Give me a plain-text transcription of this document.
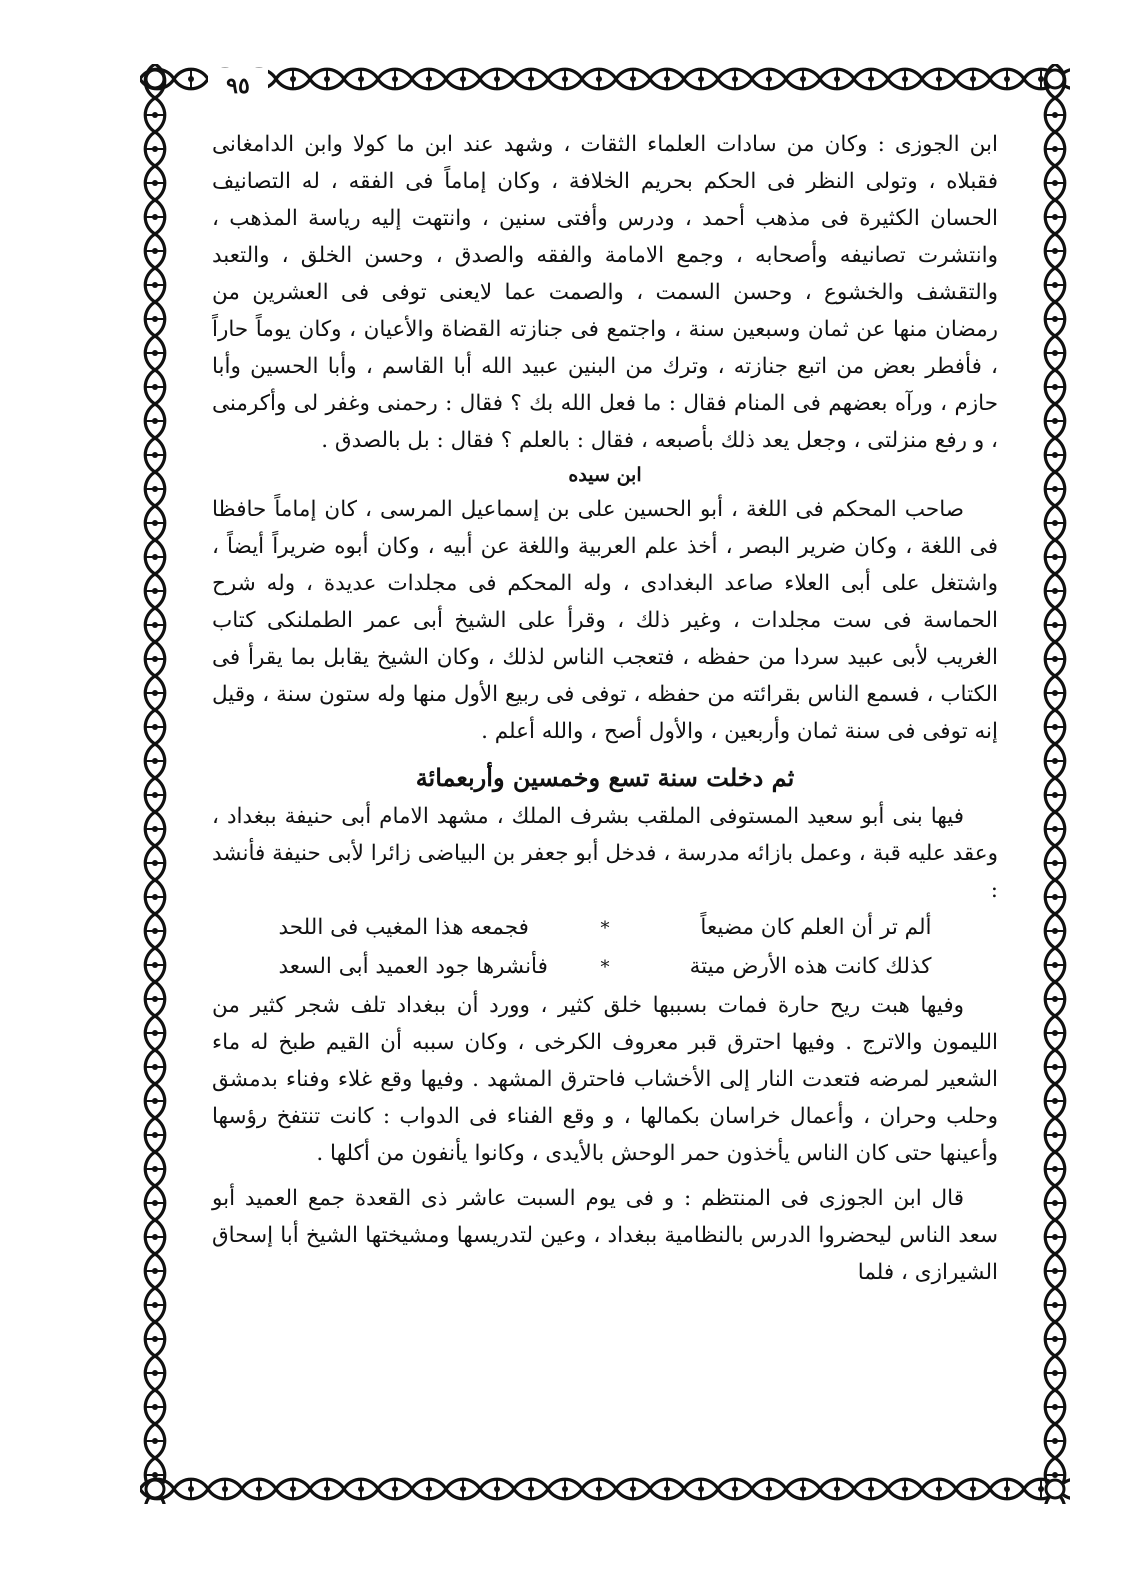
٩٥

ابن الجوزى : وكان من سادات العلماء الثقات ، وشهد عند ابن ما كولا وابن الدامغانى فقبلاه ، وتولى النظر فى الحكم بحريم الخلافة ، وكان إماماً فى الفقه ، له التصانيف الحسان الكثيرة فى مذهب أحمد ، ودرس وأفتى سنين ، وانتهت إليه رياسة المذهب ، وانتشرت تصانيفه وأصحابه ، وجمع الامامة والفقه والصدق ، وحسن الخلق ، والتعبد والتقشف والخشوع ، وحسن السمت ، والصمت عما لايعنى توفى فى العشرين من رمضان منها عن ثمان وسبعين سنة ، واجتمع فى جنازته القضاة والأعيان ، وكان يوماً حاراً ، فأفطر بعض من اتبع جنازته ، وترك من البنين عبيد الله أبا القاسم ، وأبا الحسين وأبا حازم ، ورآه بعضهم فى المنام فقال : ما فعل الله بك ؟ فقال : رحمنى وغفر لى وأكرمنى ، و رفع منزلتى ، وجعل يعد ذلك بأصبعه ، فقال : بالعلم ؟ فقال : بل بالصدق .

ابن سيده

صاحب المحكم فى اللغة ، أبو الحسين على بن إسماعيل المرسى ، كان إماماً حافظا فى اللغة ، وكان ضرير البصر ، أخذ علم العربية واللغة عن أبيه ، وكان أبوه ضريراً أيضاً ، واشتغل على أبى العلاء صاعد البغدادى ، وله المحكم فى مجلدات عديدة ، وله شرح الحماسة فى ست مجلدات ، وغير ذلك ، وقرأ على الشيخ أبى عمر الطملنكى كتاب الغريب لأبى عبيد سردا من حفظه ، فتعجب الناس لذلك ، وكان الشيخ يقابل بما يقرأ فى الكتاب ، فسمع الناس بقرائته من حفظه ، توفى فى ربيع الأول منها وله ستون سنة ، وقيل إنه توفى فى سنة ثمان وأربعين ، والأول أصح ، والله أعلم .

ثم دخلت سنة تسع وخمسين وأربعمائة

فيها بنى أبو سعيد المستوفى الملقب بشرف الملك ، مشهد الامام أبى حنيفة ببغداد ، وعقد عليه قبة ، وعمل بازائه مدرسة ، فدخل أبو جعفر بن البياضى زائرا لأبى حنيفة فأنشد :

ألم تر أن العلم كان مضيعاً
*
فجمعه هذا المغيب فى اللحد
كذلك كانت هذه الأرض ميتة
*
فأنشرها جود العميد أبى السعد

وفيها هبت ريح حارة فمات بسببها خلق كثير ، وورد أن ببغداد تلف شجر كثير من الليمون والاترج . وفيها احترق قبر معروف الكرخى ، وكان سببه أن القيم طبخ له ماء الشعير لمرضه فتعدت النار إلى الأخشاب فاحترق المشهد . وفيها وقع غلاء وفناء بدمشق وحلب وحران ، وأعمال خراسان بكمالها ، و وقع الفناء فى الدواب : كانت تنتفخ رؤسها وأعينها حتى كان الناس يأخذون حمر الوحش بالأيدى ، وكانوا يأنفون من أكلها .

قال ابن الجوزى فى المنتظم : و فى يوم السبت عاشر ذى القعدة جمع العميد أبو سعد الناس ليحضروا الدرس بالنظامية ببغداد ، وعين لتدريسها ومشيختها الشيخ أبا إسحاق الشيرازى ، فلما
